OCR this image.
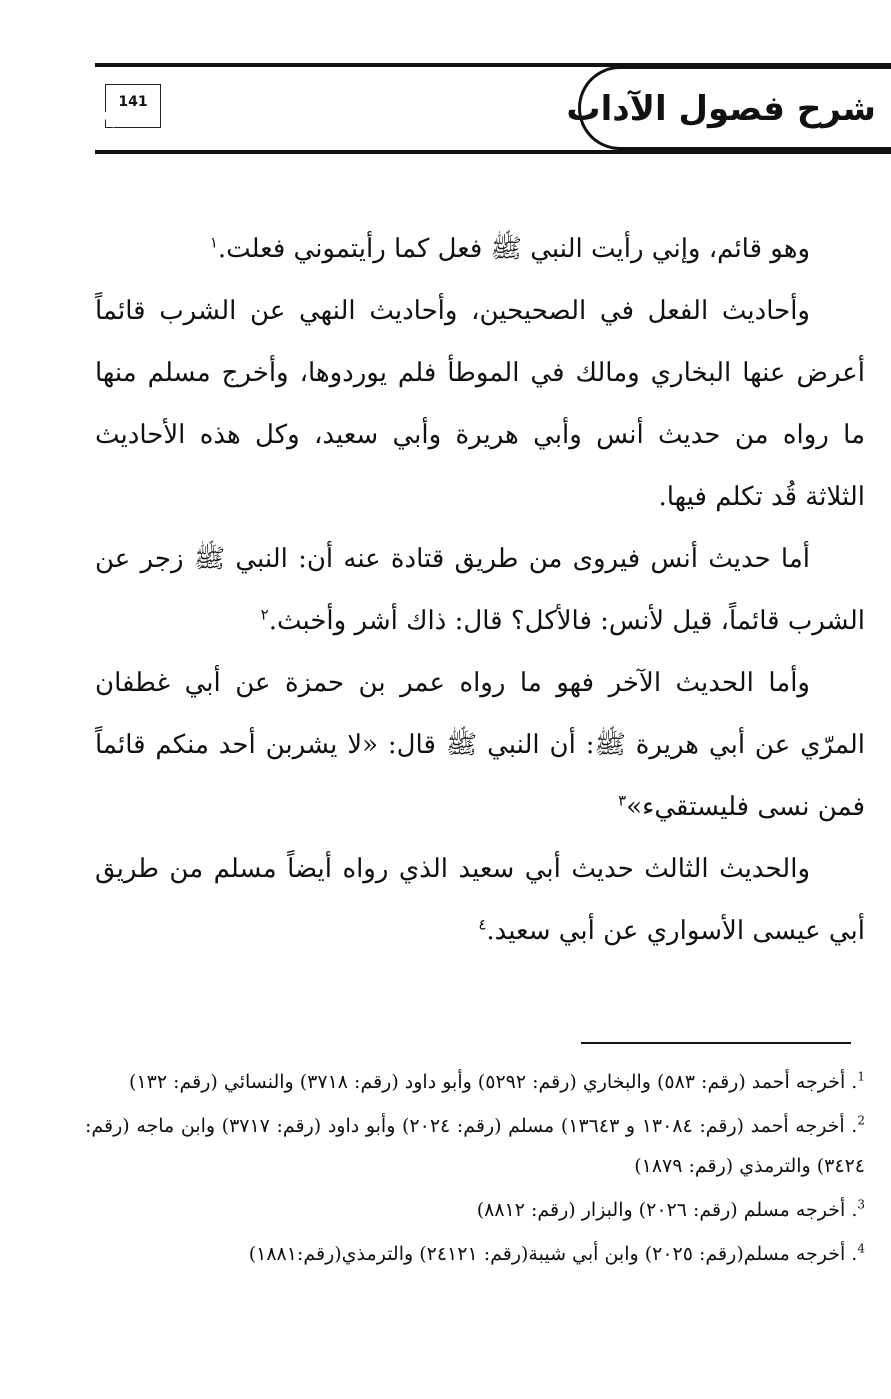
شرح فصول الآداب
141

وهو قائم، وإني رأيت النبي ﷺ فعل كما رأيتموني فعلت.$^١$

وأحاديث الفعل في الصحيحين، وأحاديث النهي عن الشرب قائماً أعرض عنها البخاري ومالك في الموطأ فلم يوردوها، وأخرج مسلم منها ما رواه من حديث أنس وأبي هريرة وأبي سعيد، وكل هذه الأحاديث الثلاثة قُد تكلم فيها.

أما حديث أنس فيروى من طريق قتادة عنه أن: النبي ﷺ زجر عن الشرب قائماً، قيل لأنس: فالأكل؟ قال: ذاك أشر وأخبث.$^٢$

وأما الحديث الآخر فهو ما رواه عمر بن حمزة عن أبي غطفان المرّي عن أبي هريرة ﷺ: أن النبي ﷺ قال: «لا يشربن أحد منكم قائماً فمن نسى فليستقيء»$^٣$

والحديث الثالث حديث أبي سعيد الذي رواه أيضاً مسلم من طريق أبي عيسى الأسواري عن أبي سعيد.$^٤$

$^1$. أخرجه أحمد (رقم: ٥٨٣) والبخاري (رقم: ٥٢٩٢) وأبو داود (رقم: ٣٧١٨) والنسائي (رقم: ١٣٢)

$^2$. أخرجه أحمد (رقم: ١٣٠٨٤ و ١٣٦٤٣) مسلم (رقم: ٢٠٢٤) وأبو داود (رقم: ٣٧١٧) وابن ماجه (رقم: ٣٤٢٤) والترمذي (رقم: ١٨٧٩)

$^3$. أخرجه مسلم (رقم: ٢٠٢٦) والبزار (رقم: ٨٨١٢)

$^4$. أخرجه مسلم(رقم: ٢٠٢٥) وابن أبي شيبة(رقم: ٢٤١٢١) والترمذي(رقم:١٨٨١)
